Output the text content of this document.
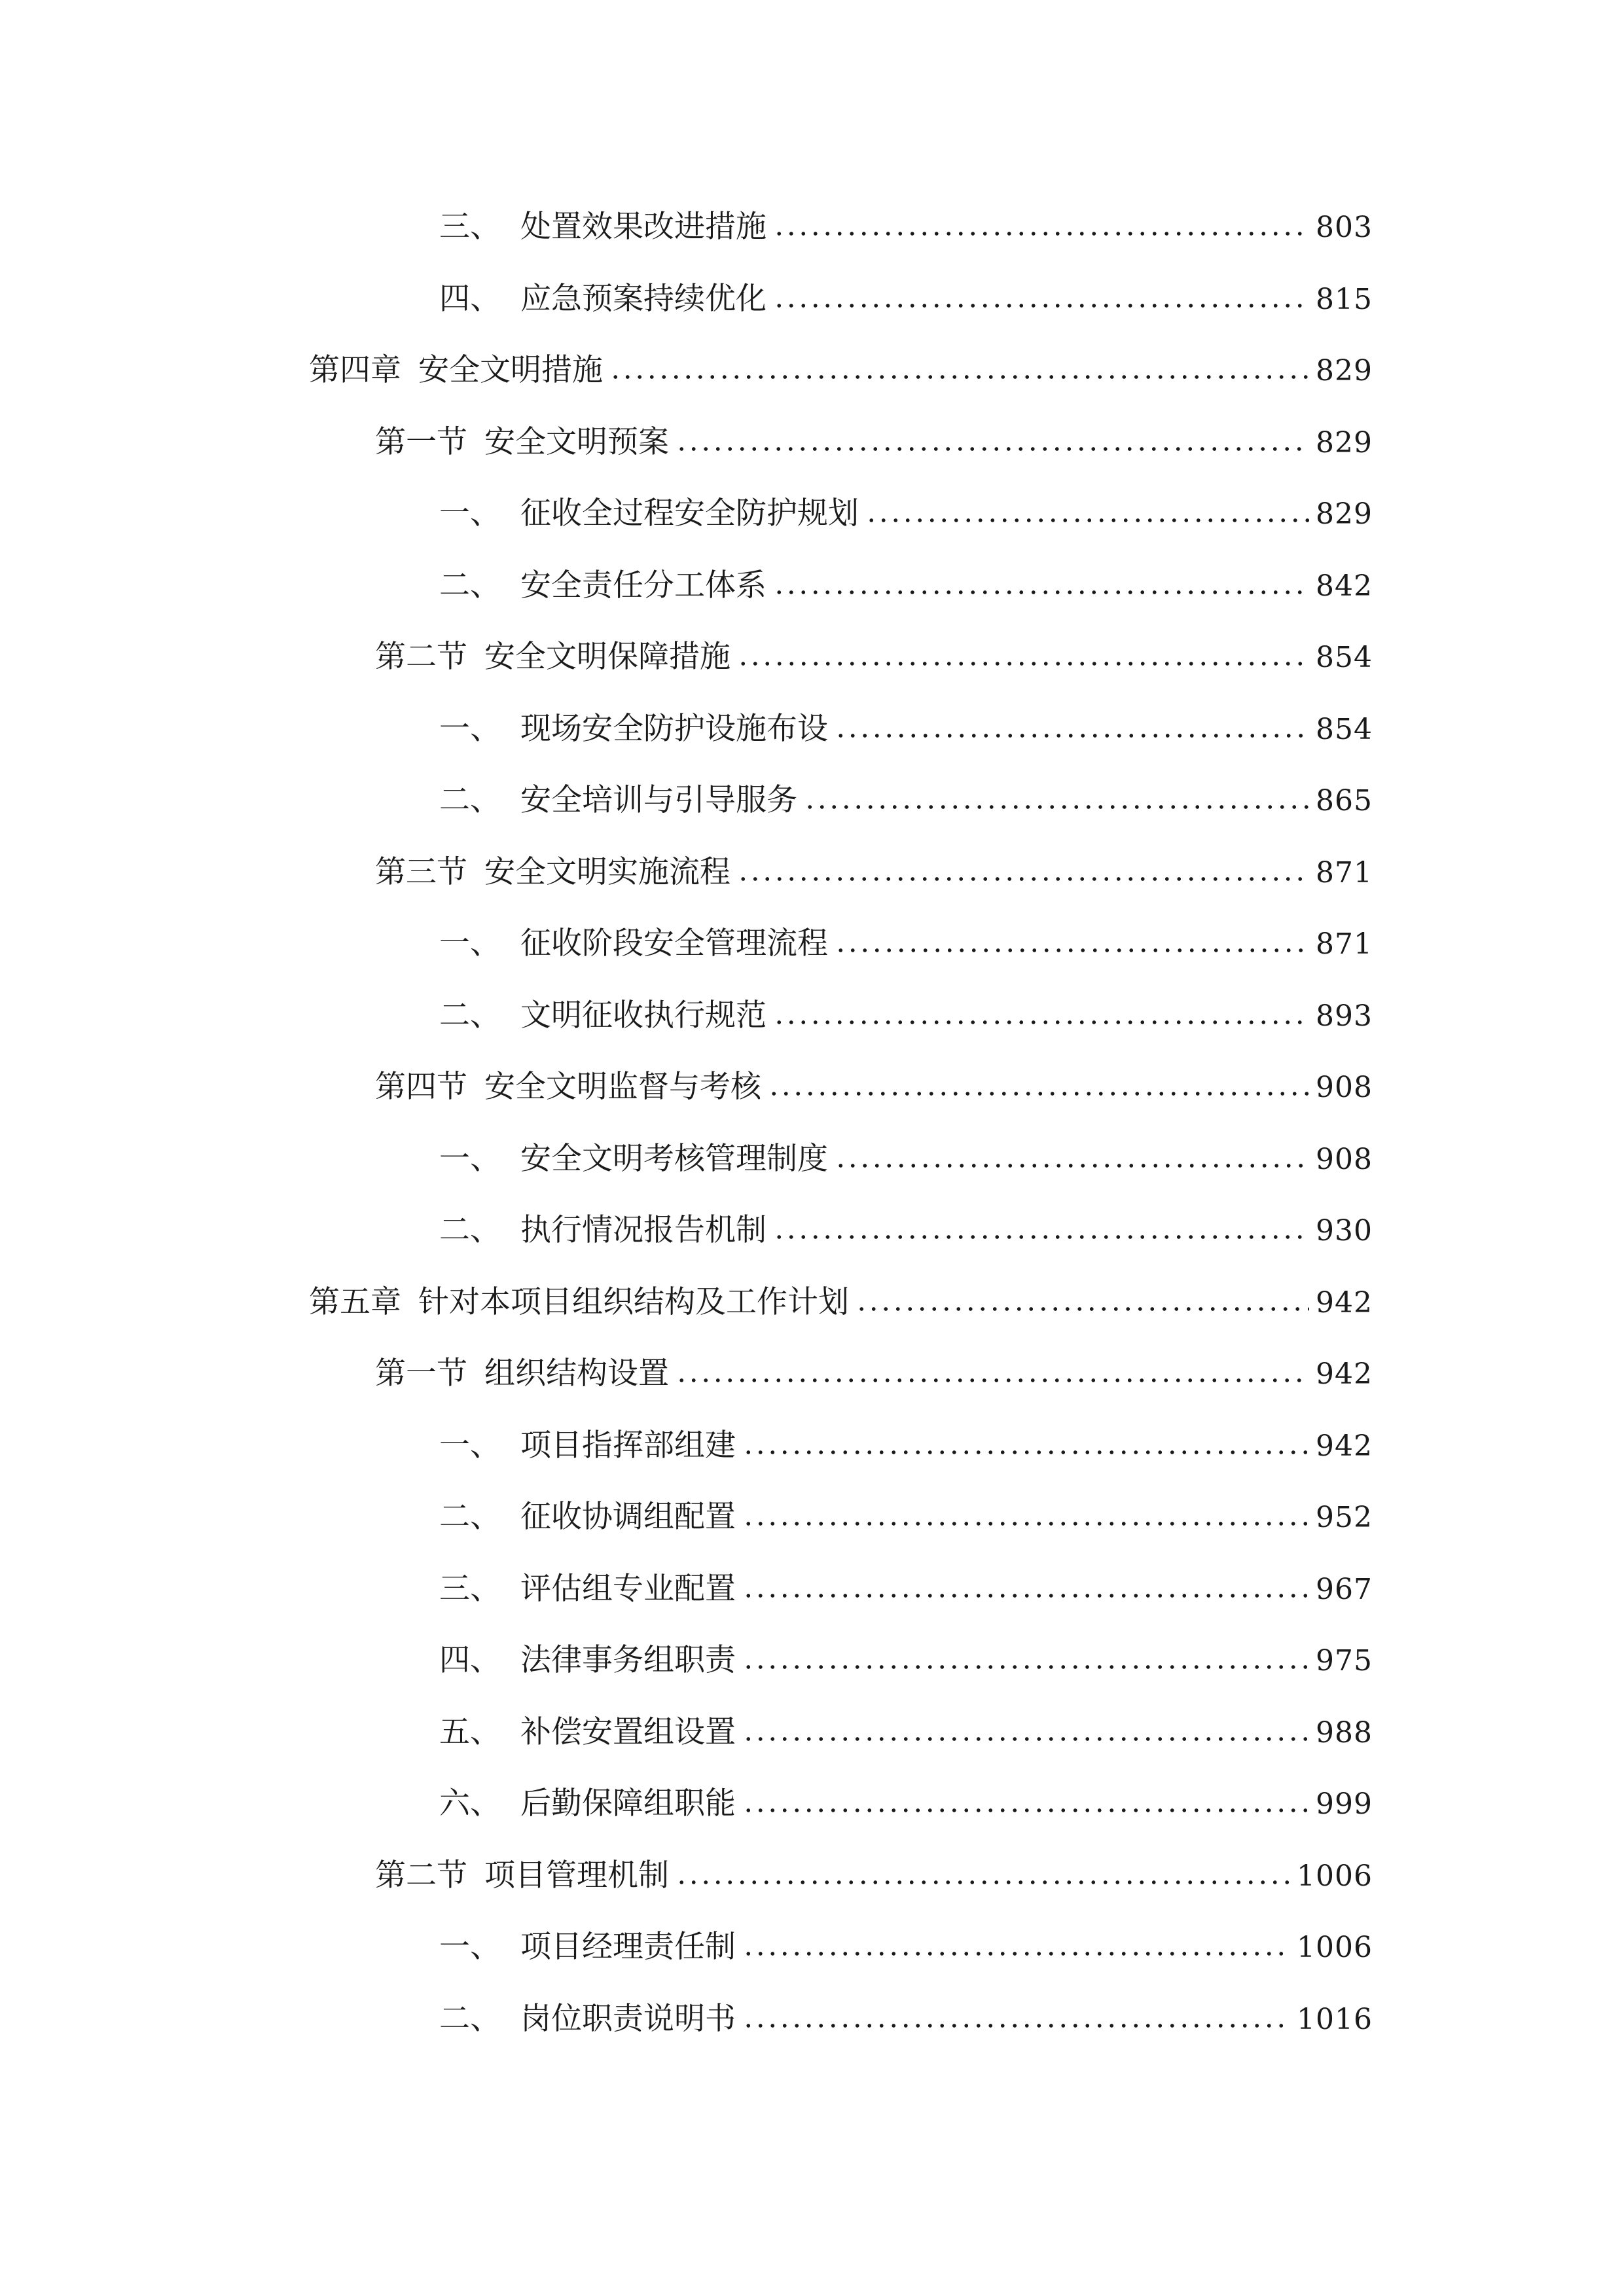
三、 处置效果改进措施	803
四、 应急预案持续优化	815
第四章 安全文明措施	829
第一节 安全文明预案	829
一、 征收全过程安全防护规划	829
二、 安全责任分工体系	842
第二节 安全文明保障措施	854
一、 现场安全防护设施布设	854
二、 安全培训与引导服务	865
第三节 安全文明实施流程	871
一、 征收阶段安全管理流程	871
二、 文明征收执行规范	893
第四节 安全文明监督与考核	908
一、 安全文明考核管理制度	908
二、 执行情况报告机制	930
第五章 针对本项目组织结构及工作计划	942
第一节 组织结构设置	942
一、 项目指挥部组建	942
二、 征收协调组配置	952
三、 评估组专业配置	967
四、 法律事务组职责	975
五、 补偿安置组设置	988
六、 后勤保障组职能	999
第二节 项目管理机制	1006
一、 项目经理责任制	1006
二、 岗位职责说明书	1016
